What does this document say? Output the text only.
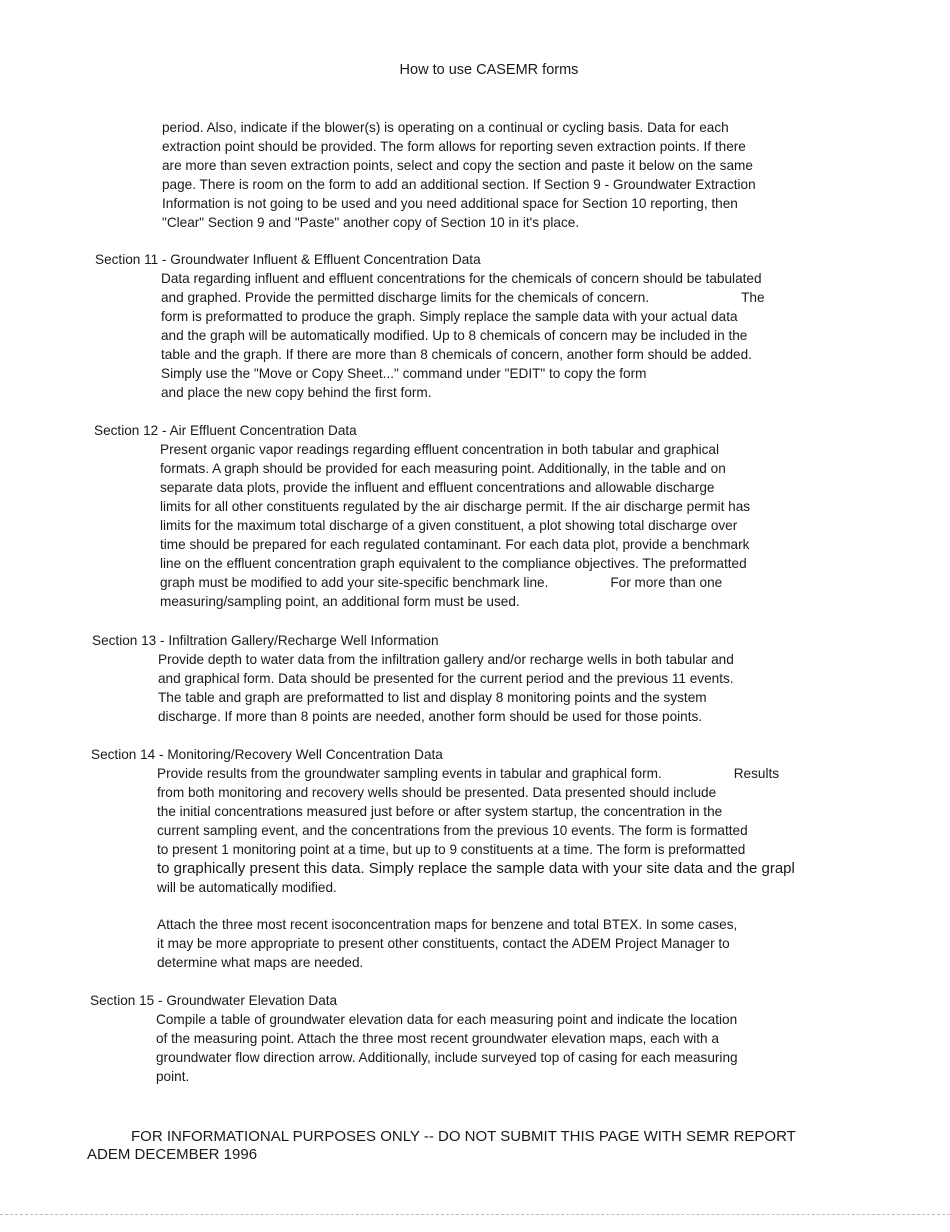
How to use CASEMR forms
period. Also, indicate if the blower(s) is operating on a continual or cycling basis. Data for each
extraction point should be provided. The form allows for reporting seven extraction points. If there
are more than seven extraction points, select and copy the section and paste it below on the same
page. There is room on the form to add an additional section. If Section 9 - Groundwater Extraction
Information is not going to be used and you need additional space for Section 10 reporting, then
"Clear" Section 9 and "Paste" another copy of Section 10 in it's place.
Section 11 - Groundwater Influent & Effluent Concentration Data
Data regarding influent and effluent concentrations for the chemicals of concern should be tabulated
and graphed. Provide the permitted discharge limits for the chemicals of concern.	The
form is preformatted to produce the graph. Simply replace the sample data with your actual data
and the graph will be automatically modified. Up to 8 chemicals of concern may be included in the
table and the graph. If there are more than 8 chemicals of concern, another form should be added.
Simply use the "Move or Copy Sheet..." command under "EDIT" to copy the form
and place the new copy behind the first form.
Section 12 - Air Effluent Concentration Data
Present organic vapor readings regarding effluent concentration in both tabular and graphical
formats. A graph should be provided for each measuring point. Additionally, in the table and on
separate data plots, provide the influent and effluent concentrations and allowable discharge
limits for all other constituents regulated by the air discharge permit. If the air discharge permit has
limits for the maximum total discharge of a given constituent, a plot showing total discharge over
time should be prepared for each regulated contaminant. For each data plot, provide a benchmark
line on the effluent concentration graph equivalent to the compliance objectives. The preformatted
graph must be modified to add your site-specific benchmark line.	For more than one
measuring/sampling point, an additional form must be used.
Section 13 - Infiltration Gallery/Recharge Well Information
Provide depth to water data from the infiltration gallery and/or recharge wells in both tabular and
and graphical form. Data should be presented for the current period and the previous 11 events.
The table and graph are preformatted to list and display 8 monitoring points and the system
discharge. If more than 8 points are needed, another form should be used for those points.
Section 14 - Monitoring/Recovery Well Concentration Data
Provide results from the groundwater sampling events in tabular and graphical form.	Results
from both monitoring and recovery wells should be presented. Data presented should include
the initial concentrations measured just before or after system startup, the concentration in the
current sampling event, and the concentrations from the previous 10 events. The form is formatted
to present 1 monitoring point at a time, but up to 9 constituents at a time. The form is preformatted
to graphically present this data. Simply replace the sample data with your site data and the grapl
will be automatically modified.
Attach the three most recent isoconcentration maps for benzene and total BTEX. In some cases,
it may be more appropriate to present other constituents, contact the ADEM Project Manager to
determine what maps are needed.
Section 15 - Groundwater Elevation Data
Compile a table of groundwater elevation data for each measuring point and indicate the location
of the measuring point. Attach the three most recent groundwater elevation maps, each with a
groundwater flow direction arrow. Additionally, include surveyed top of casing for each measuring
point.
FOR INFORMATIONAL PURPOSES ONLY -- DO NOT SUBMIT THIS PAGE WITH SEMR REPORT
ADEM DECEMBER 1996
